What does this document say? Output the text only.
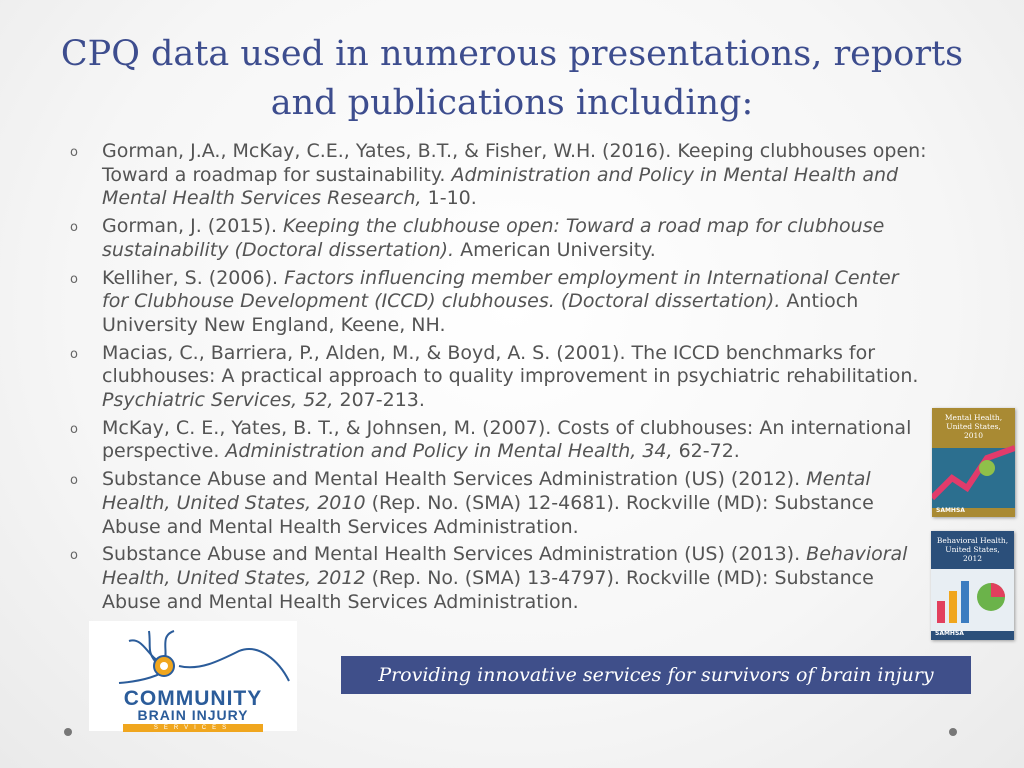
CPQ data used in numerous presentations, reports
and publications including:
o Gorman, J.A., McKay, C.E., Yates, B.T., & Fisher, W.H. (2016). Keeping clubhouses open: Toward a roadmap for sustainability. Administration and Policy in Mental Health and Mental Health Services Research, 1-10.
o Gorman, J. (2015). Keeping the clubhouse open: Toward a road map for clubhouse sustainability (Doctoral dissertation). American University.
o Kelliher, S. (2006). Factors influencing member employment in International Center for Clubhouse Development (ICCD) clubhouses. (Doctoral dissertation). Antioch University New England, Keene, NH.
o Macias, C., Barriera, P., Alden, M., & Boyd, A. S. (2001). The ICCD benchmarks for clubhouses: A practical approach to quality improvement in psychiatric rehabilitation. Psychiatric Services, 52, 207-213.
o McKay, C. E., Yates, B. T., & Johnsen, M. (2007). Costs of clubhouses: An international perspective. Administration and Policy in Mental Health, 34, 62-72.
o Substance Abuse and Mental Health Services Administration (US) (2012). Mental Health, United States, 2010 (Rep. No. (SMA) 12-4681). Rockville (MD): Substance Abuse and Mental Health Services Administration.
o Substance Abuse and Mental Health Services Administration (US) (2013). Behavioral Health, United States, 2012 (Rep. No. (SMA) 13-4797). Rockville (MD): Substance Abuse and Mental Health Services Administration.
Mental Health, United States, 2010
SAMHSA
Behavioral Health, United States, 2012
SAMHSA
COMMUNITY
BRAIN INJURY
SERVICES
Providing innovative services for survivors of brain injury
